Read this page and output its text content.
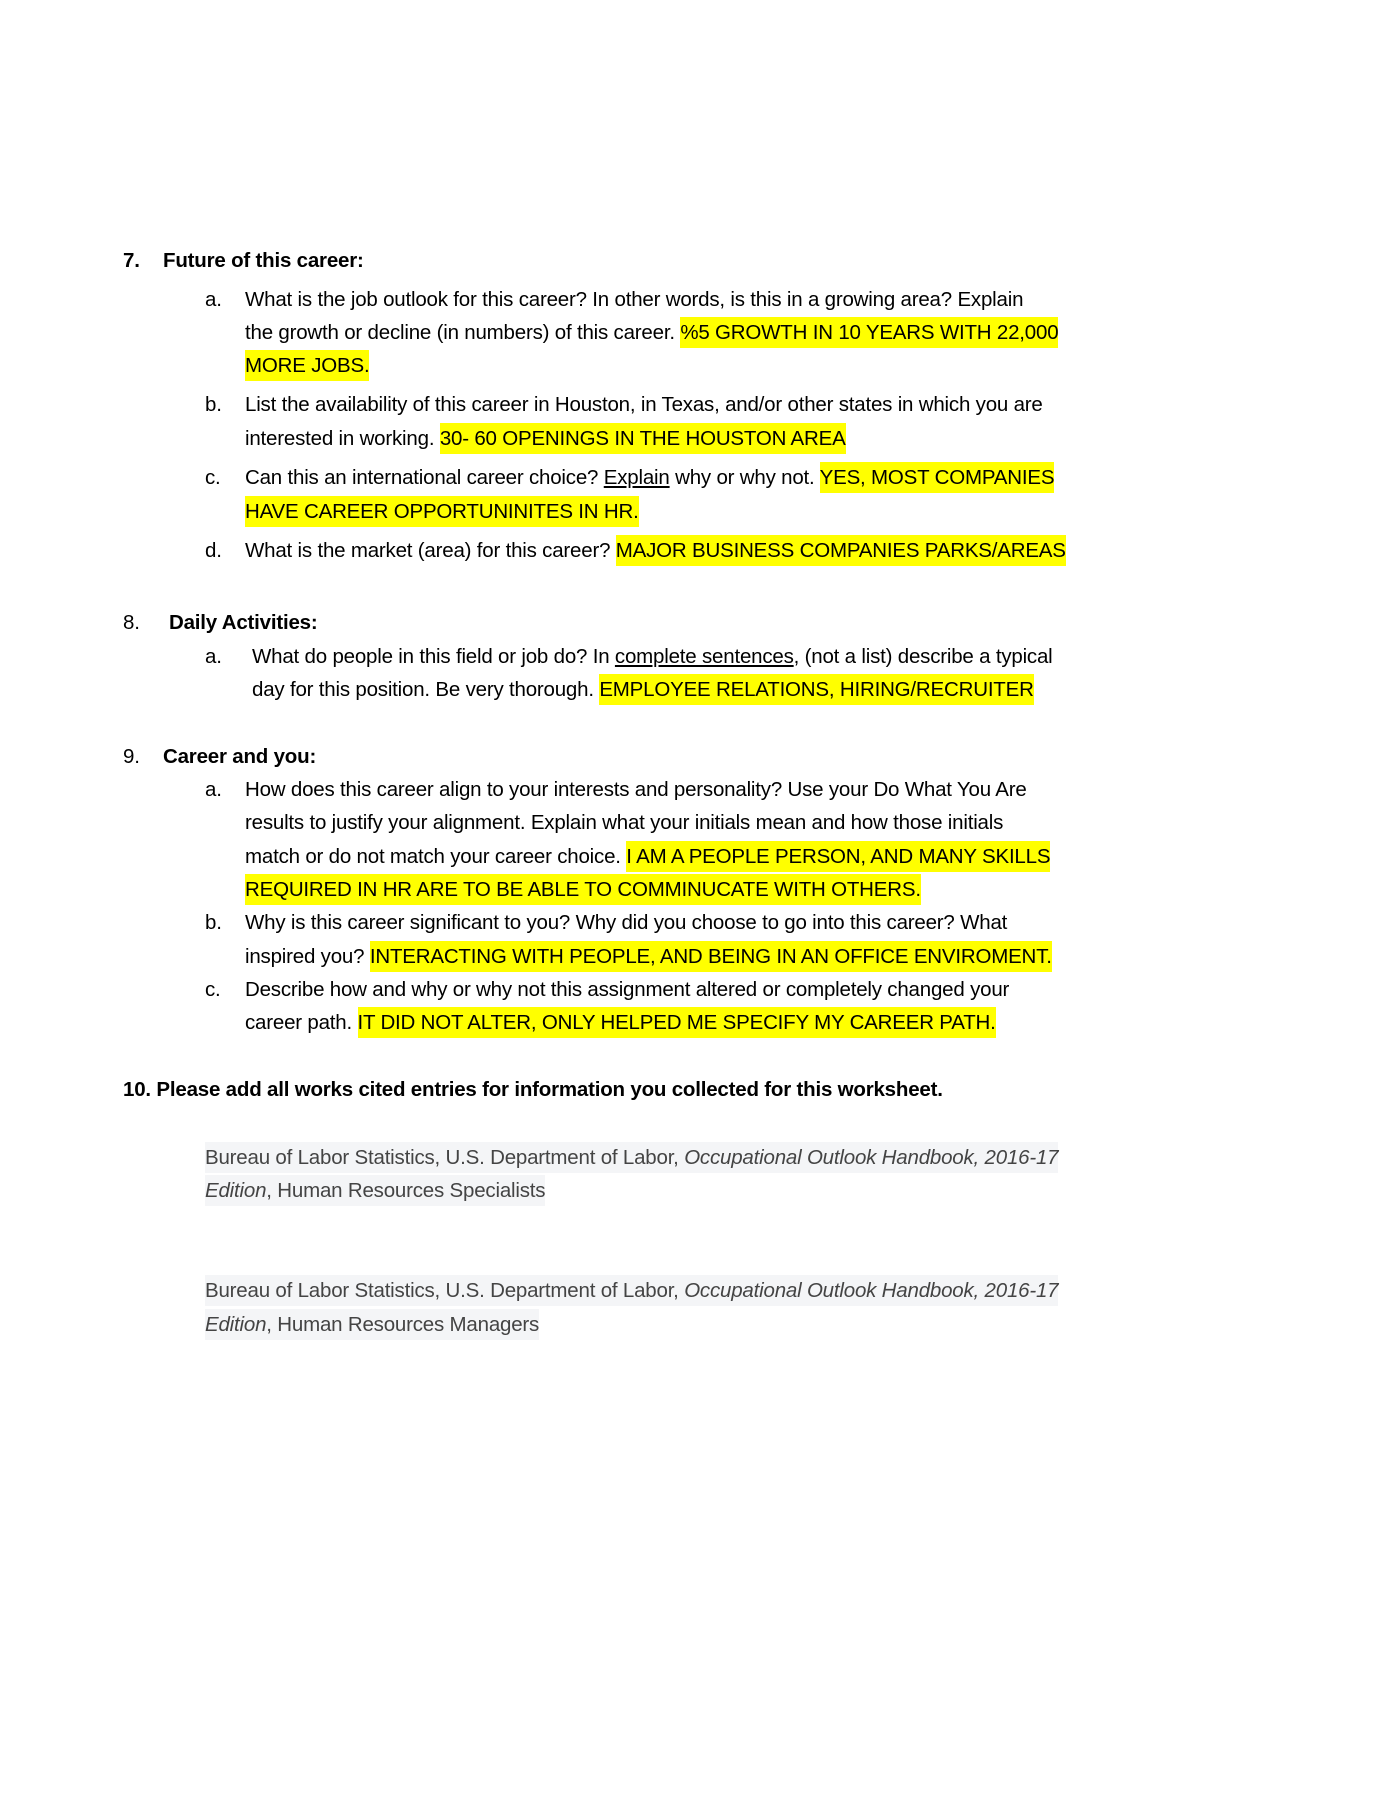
7. Future of this career:
8. Daily Activities:
9. Career and you:
10. Please add all works cited entries for information you collected for this worksheet.
a. What is the job outlook for this career? In other words, is this in a growing area? Explain
the growth or decline (in numbers) of this career. %5 GROWTH IN 10 YEARS WITH 22,000
MORE JOBS.
b. List the availability of this career in Houston, in Texas, and/or other states in which you are
interested in working. 30- 60 OPENINGS IN THE HOUSTON AREA
c. Can this an international career choice? Explain why or why not. YES, MOST COMPANIES
HAVE CAREER OPPORTUNINITES IN HR.
d. What is the market (area) for this career? MAJOR BUSINESS COMPANIES PARKS/AREAS
a. What do people in this field or job do? In complete sentences, (not a list) describe a typical
day for this position. Be very thorough. EMPLOYEE RELATIONS, HIRING/RECRUITER
a. How does this career align to your interests and personality? Use your Do What You Are
results to justify your alignment. Explain what your initials mean and how those initials
match or do not match your career choice. I AM A PEOPLE PERSON, AND MANY SKILLS
REQUIRED IN HR ARE TO BE ABLE TO COMMINUCATE WITH OTHERS.
b. Why is this career significant to you? Why did you choose to go into this career? What
inspired you? INTERACTING WITH PEOPLE, AND BEING IN AN OFFICE ENVIROMENT.
c. Describe how and why or why not this assignment altered or completely changed your
career path. IT DID NOT ALTER, ONLY HELPED ME SPECIFY MY CAREER PATH.
Bureau of Labor Statistics, U.S. Department of Labor, Occupational Outlook Handbook, 2016-17
Edition, Human Resources Specialists
Bureau of Labor Statistics, U.S. Department of Labor, Occupational Outlook Handbook, 2016-17
Edition, Human Resources Managers
